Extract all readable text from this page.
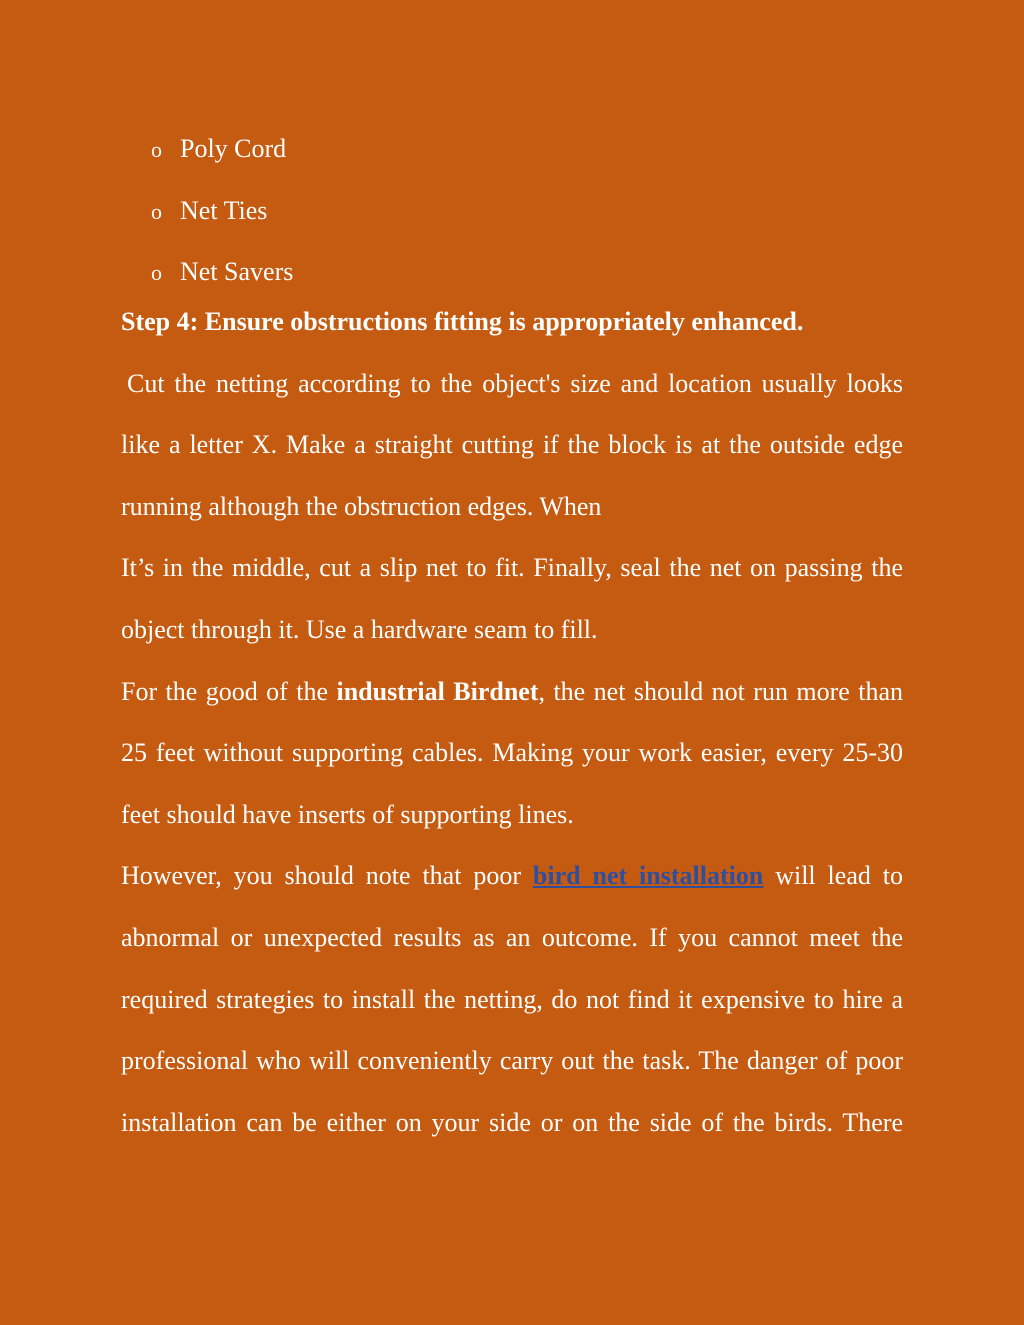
o Poly Cord
o Net Ties
o Net Savers
Step 4: Ensure obstructions fitting is appropriately enhanced.
Cut the netting according to the object's size and location usually looks
like a letter X. Make a straight cutting if the block is at the outside edge
running although the obstruction edges. When
It’s in the middle, cut a slip net to fit. Finally, seal the net on passing the
object through it. Use a hardware seam to fill.
For the good of the industrial Birdnet, the net should not run more than
25 feet without supporting cables. Making your work easier, every 25-30
feet should have inserts of supporting lines.
However, you should note that poor bird net installation will lead to
abnormal or unexpected results as an outcome. If you cannot meet the
required strategies to install the netting, do not find it expensive to hire a
professional who will conveniently carry out the task. The danger of poor
installation can be either on your side or on the side of the birds. There
